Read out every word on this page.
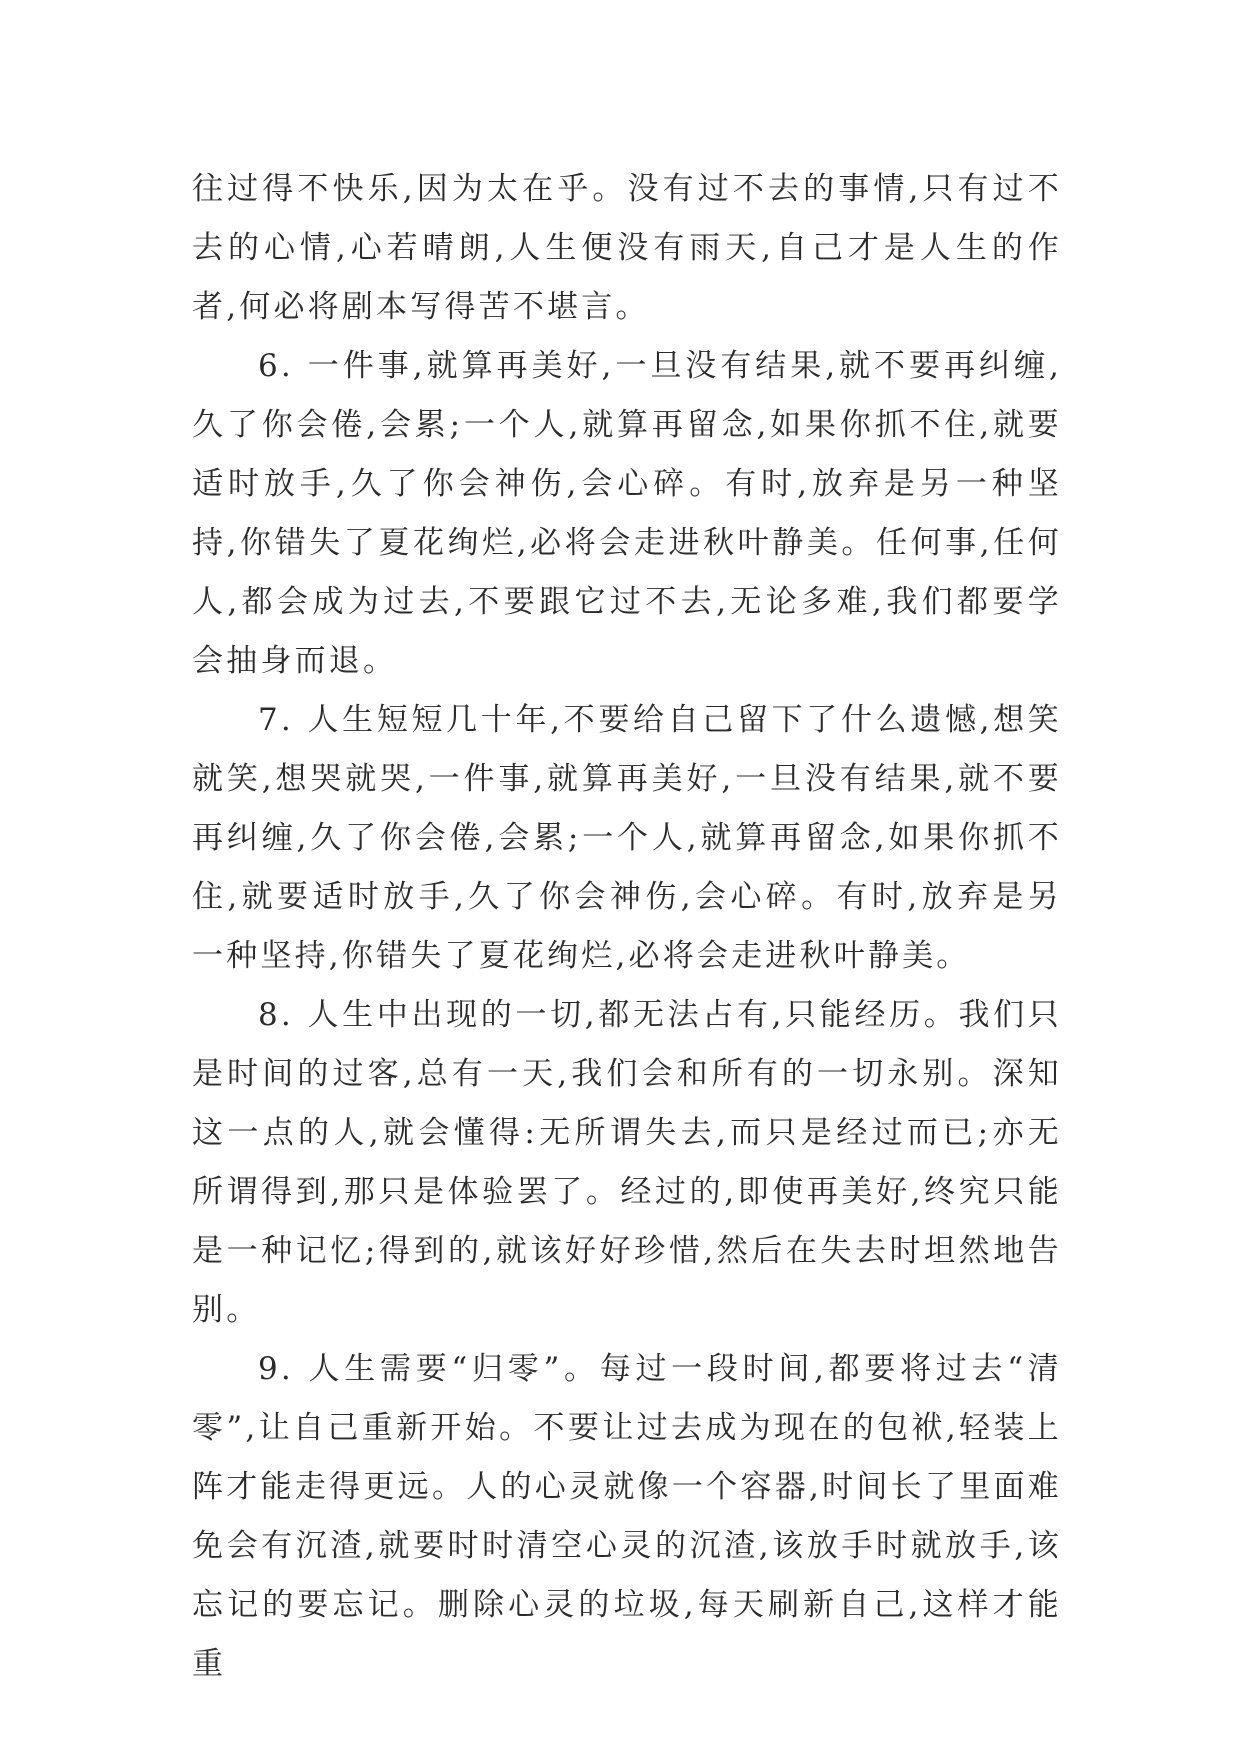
往过得不快乐,因为太在乎。没有过不去的事情,只有过不去的心情,心若晴朗,人生便没有雨天,自己才是人生的作者,何必将剧本写得苦不堪言。

6. 一件事,就算再美好,一旦没有结果,就不要再纠缠,久了你会倦,会累;一个人,就算再留念,如果你抓不住,就要适时放手,久了你会神伤,会心碎。有时,放弃是另一种坚持,你错失了夏花绚烂,必将会走进秋叶静美。任何事,任何人,都会成为过去,不要跟它过不去,无论多难,我们都要学会抽身而退。

7. 人生短短几十年,不要给自己留下了什么遗憾,想笑就笑,想哭就哭,一件事,就算再美好,一旦没有结果,就不要再纠缠,久了你会倦,会累;一个人,就算再留念,如果你抓不住,就要适时放手,久了你会神伤,会心碎。有时,放弃是另一种坚持,你错失了夏花绚烂,必将会走进秋叶静美。

8. 人生中出现的一切,都无法占有,只能经历。我们只是时间的过客,总有一天,我们会和所有的一切永别。深知这一点的人,就会懂得:无所谓失去,而只是经过而已;亦无所谓得到,那只是体验罢了。经过的,即使再美好,终究只能是一种记忆;得到的,就该好好珍惜,然后在失去时坦然地告别。

9. 人生需要“归零”。每过一段时间,都要将过去“清零”,让自己重新开始。不要让过去成为现在的包袱,轻装上阵才能走得更远。人的心灵就像一个容器,时间长了里面难免会有沉渣,就要时时清空心灵的沉渣,该放手时就放手,该忘记的要忘记。删除心灵的垃圾,每天刷新自己,这样才能重
